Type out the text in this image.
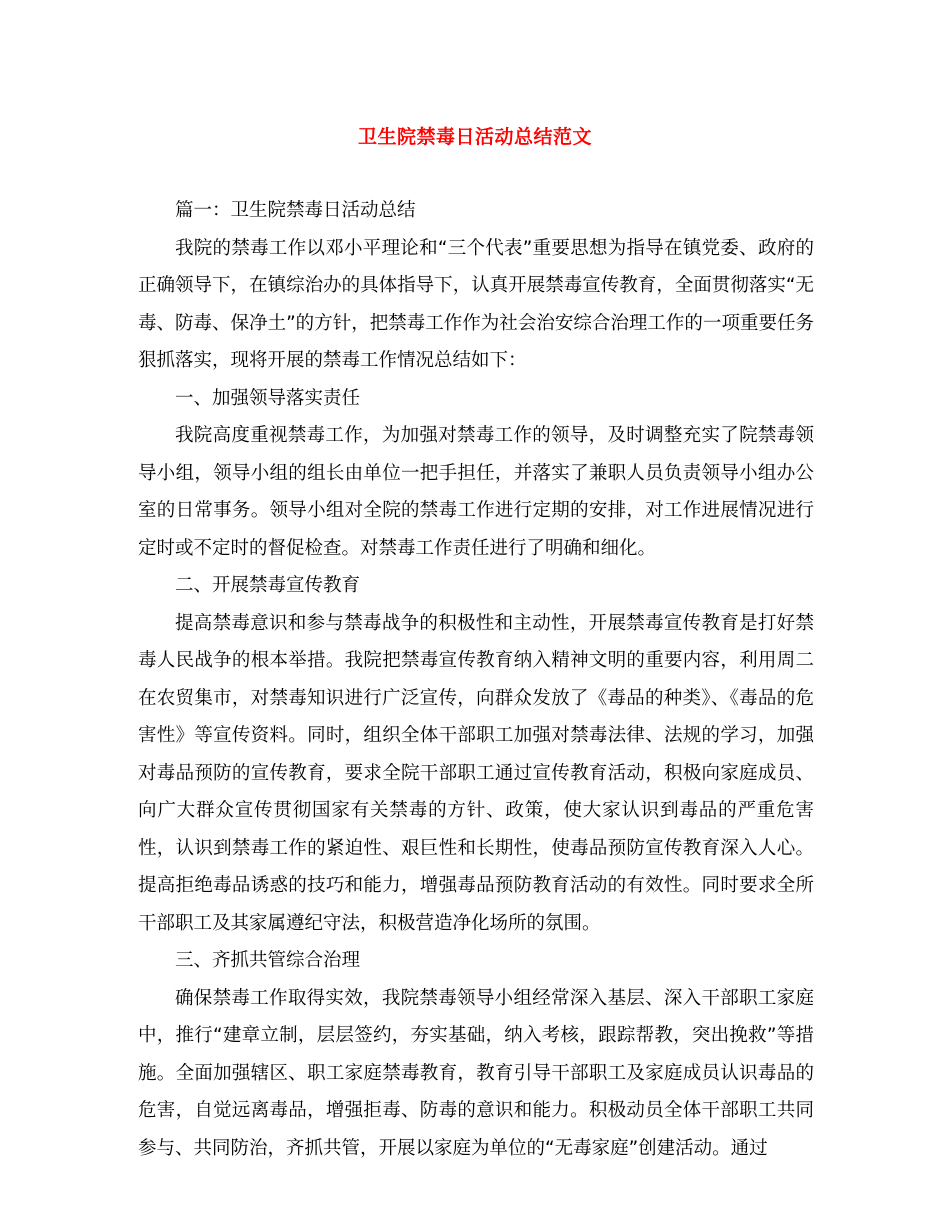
卫生院禁毒日活动总结范文

篇一：卫生院禁毒日活动总结

我院的禁毒工作以邓小平理论和“三个代表”重要思想为指导在镇党委、政府的正确领导下，在镇综治办的具体指导下，认真开展禁毒宣传教育，全面贯彻落实“无毒、防毒、保净土”的方针，把禁毒工作作为社会治安综合治理工作的一项重要任务狠抓落实，现将开展的禁毒工作情况总结如下：

一、加强领导落实责任

我院高度重视禁毒工作，为加强对禁毒工作的领导，及时调整充实了院禁毒领导小组，领导小组的组长由单位一把手担任，并落实了兼职人员负责领导小组办公室的日常事务。领导小组对全院的禁毒工作进行定期的安排，对工作进展情况进行定时或不定时的督促检查。对禁毒工作责任进行了明确和细化。

二、开展禁毒宣传教育

提高禁毒意识和参与禁毒战争的积极性和主动性，开展禁毒宣传教育是打好禁毒人民战争的根本举措。我院把禁毒宣传教育纳入精神文明的重要内容，利用周二在农贸集市，对禁毒知识进行广泛宣传，向群众发放了《毒品的种类》、《毒品的危害性》等宣传资料。同时，组织全体干部职工加强对禁毒法律、法规的学习，加强对毒品预防的宣传教育，要求全院干部职工通过宣传教育活动，积极向家庭成员、向广大群众宣传贯彻国家有关禁毒的方针、政策，使大家认识到毒品的严重危害性，认识到禁毒工作的紧迫性、艰巨性和长期性，使毒品预防宣传教育深入人心。提高拒绝毒品诱惑的技巧和能力，增强毒品预防教育活动的有效性。同时要求全所干部职工及其家属遵纪守法，积极营造净化场所的氛围。

三、齐抓共管综合治理

确保禁毒工作取得实效，我院禁毒领导小组经常深入基层、深入干部职工家庭中，推行“建章立制，层层签约，夯实基础，纳入考核，跟踪帮教，突出挽救”等措施。全面加强辖区、职工家庭禁毒教育，教育引导干部职工及家庭成员认识毒品的危害，自觉远离毒品，增强拒毒、防毒的意识和能力。积极动员全体干部职工共同参与、共同防治，齐抓共管，开展以家庭为单位的“无毒家庭”创建活动。通过
